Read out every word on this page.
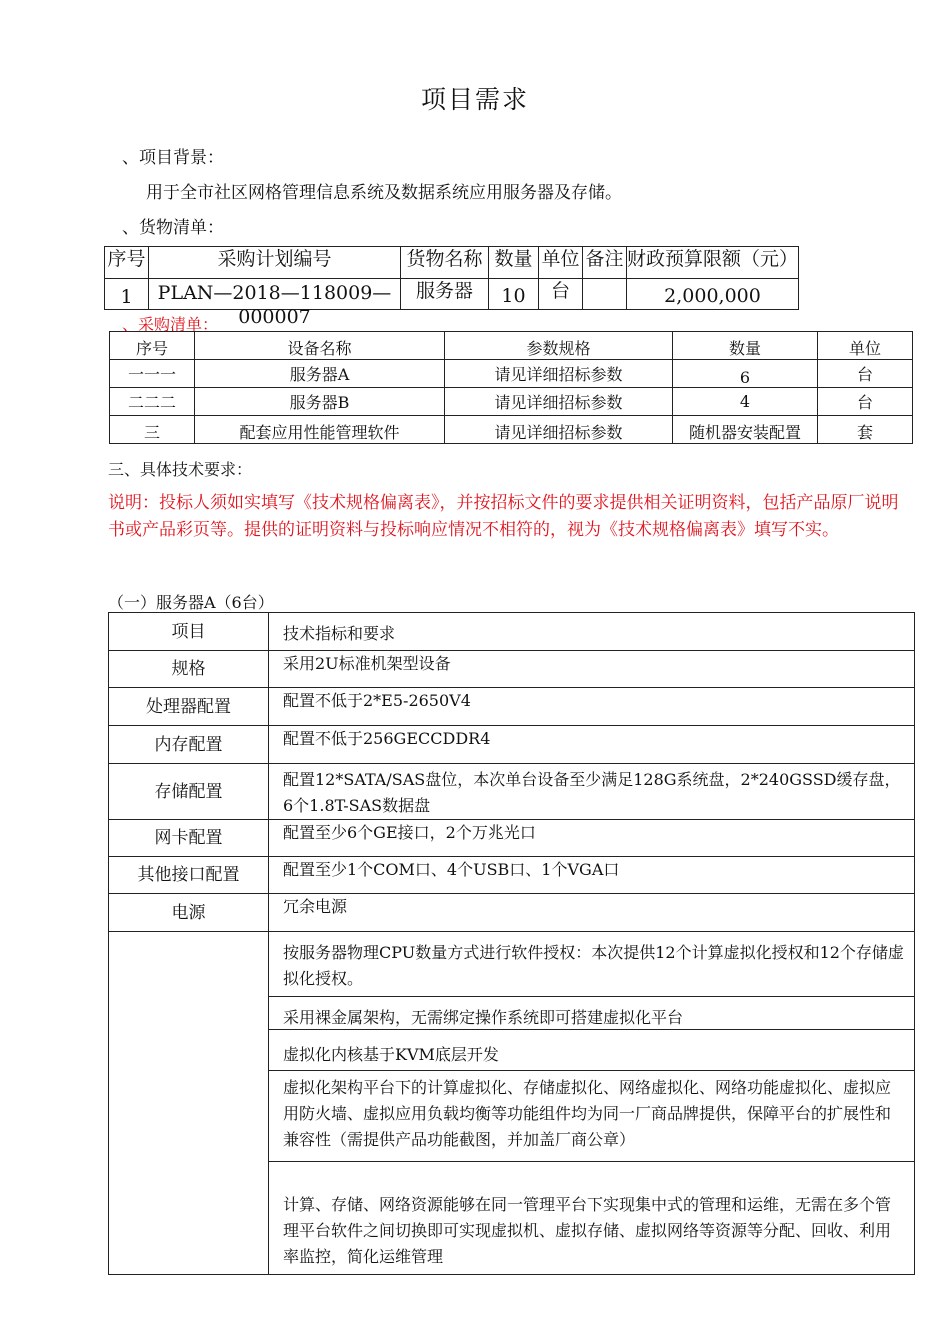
项目需求
、项目背景：
用于全市社区网格管理信息系统及数据系统应用服务器及存储。
、货物清单：
序号	采购计划编号	货物名称	数量	单位	备注	财政预算限额（元）

1	PLAN—2018—118009—000007	服务器	10	台		2,000,000
、采购清单：
序号	设备名称	参数规格	数量	单位
一一一	服务器A	请见详细招标参数	6	台
二二二	服务器B	请见详细招标参数	4	台
三	配套应用性能管理软件	请见详细招标参数	随机器安装配置	套
三、具体技术要求：
说明：投标人须如实填写《技术规格偏离表》，并按招标文件的要求提供相关证明资料，包括产品原厂说明书或产品彩页等。提供的证明资料与投标响应情况不相符的，视为《技术规格偏离表》填写不实。
（一）服务器A（6台）
项目	技术指标和要求
规格	采用2U标准机架型设备
处理器配置	配置不低于2*E5-2650V4
内存配置	配置不低于256GECCDDR4
存储配置	配置12*SATA/SAS盘位，本次单台设备至少满足128G系统盘，2*240GSSD缓存盘，6个1.8T-SAS数据盘
网卡配置	配置至少6个GE接口，2个万兆光口
其他接口配置	配置至少1个COM口、4个USB口、1个VGA口
电源	冗余电源

	按服务器物理CPU数量方式进行软件授权：本次提供12个计算虚拟化授权和12个存储虚拟化授权。
采用裸金属架构，无需绑定操作系统即可搭建虚拟化平台
虚拟化内核基于KVM底层开发
虚拟化架构平台下的计算虚拟化、存储虚拟化、网络虚拟化、网络功能虚拟化、虚拟应用防火墙、虚拟应用负载均衡等功能组件均为同一厂商品牌提供，保障平台的扩展性和兼容性（需提供产品功能截图，并加盖厂商公章）
计算、存储、网络资源能够在同一管理平台下实现集中式的管理和运维，无需在多个管理平台软件之间切换即可实现虚拟机、虚拟存储、虚拟网络等资源等分配、回收、利用率监控，简化运维管理
